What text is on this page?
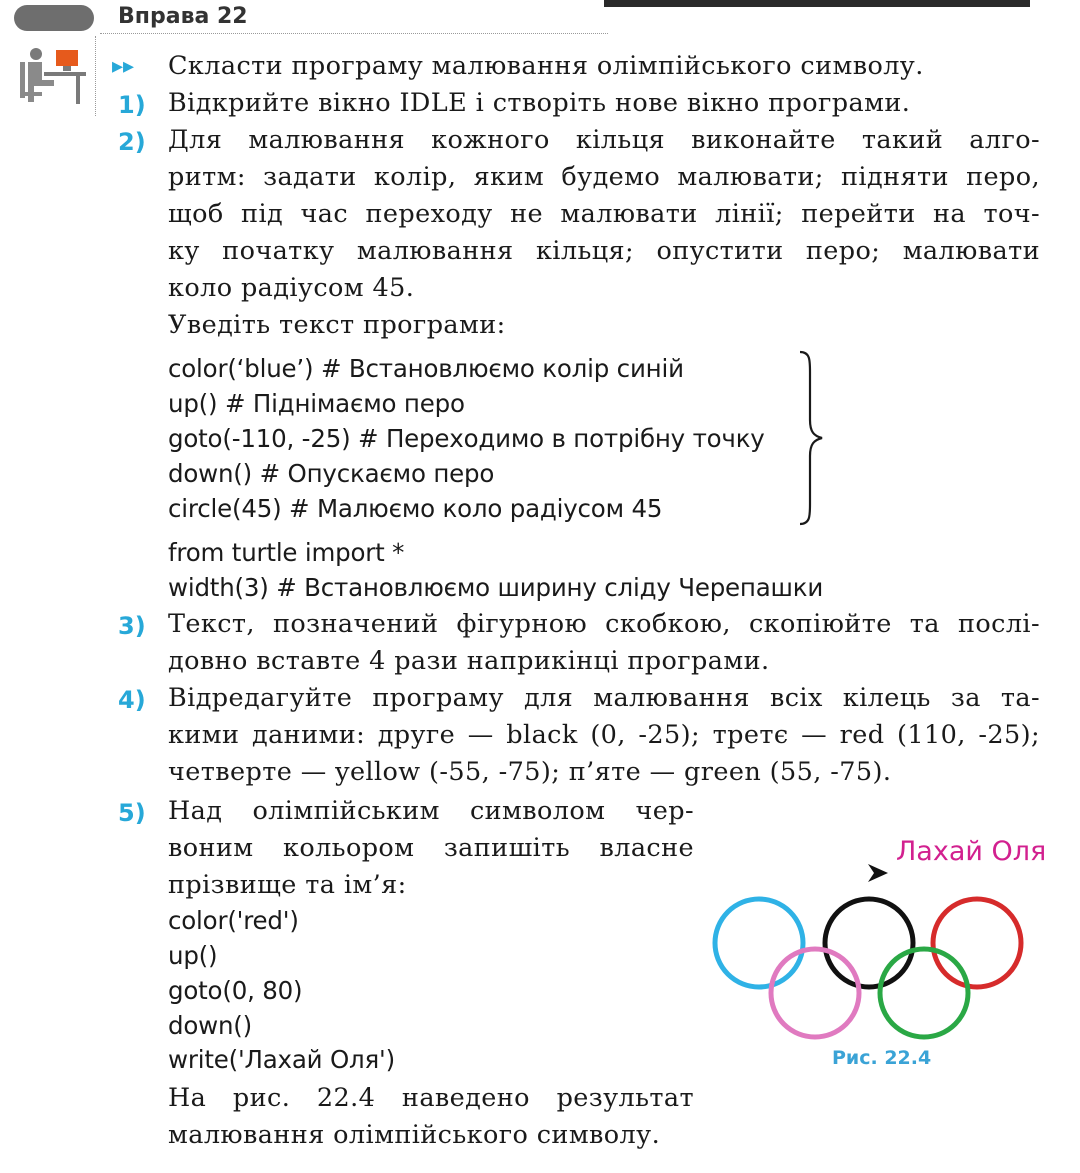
Вправа 22
▸▸ Скласти програму малювання олімпійського символу.
1) Відкрийте вікно IDLE і створіть нове вікно програми.
2) Для малювання кожного кільця виконайте такий алго-
ритм: задати колір, яким будемо малювати; підняти перо,
щоб під час переходу не малювати лінії; перейти на точ-
ку початку малювання кільця; опустити перо; малювати
коло радіусом 45.
Уведіть текст програми:
color(‘blue’) # Встановлюємо колір синій
up() # Піднімаємо перо
goto(-110, -25) # Переходимо в потрібну точку
down() # Опускаємо перо
circle(45) # Малюємо коло радіусом 45
from turtle import *
width(3) # Встановлюємо ширину сліду Черепашки
3) Текст, позначений фігурною скобкою, скопіюйте та послі-
довно вставте 4 рази наприкінці програми.
4) Відредагуйте програму для малювання всіх кілець за та-
кими даними: друге — black (0, -25); третє — red (110, -25);
четверте — yellow (-55, -75); п’яте — green (55, -75).
5) Над олімпійським символом чер-
воним кольором запишіть власне
прізвище та ім’я:
color('red')
up()
goto(0, 80)
down()
write('Лахай Оля')
На рис. 22.4 наведено результат
малювання олімпійського символу.
Лахай Оля
Рис. 22.4
